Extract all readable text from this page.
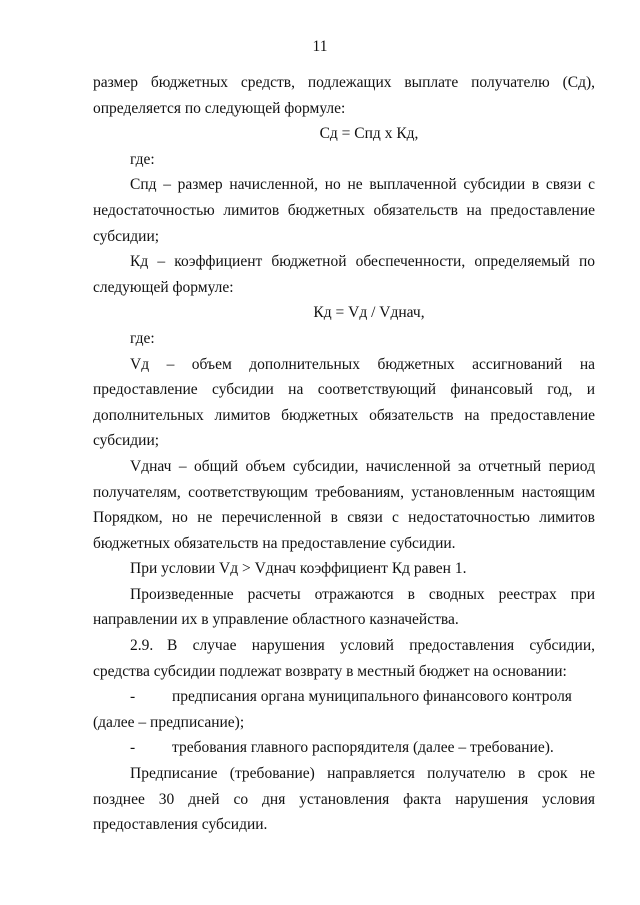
11

размер бюджетных средств, подлежащих выплате получателю (Сд), определяется по следующей формуле:

Сд = Спд x Кд,

где:

Спд – размер начисленной, но не выплаченной субсидии в связи с недостаточностью лимитов бюджетных обязательств на предоставление субсидии;

Кд – коэффициент бюджетной обеспеченности, определяемый по следующей формуле:

Кд = Vд / Vднач,

где:

Vд – объем дополнительных бюджетных ассигнований на предоставление субсидии на соответствующий финансовый год, и дополнительных лимитов бюджетных обязательств на предоставление субсидии;

Vднач – общий объем субсидии, начисленной за отчетный период получателям, соответствующим требованиям, установленным настоящим Порядком, но не перечисленной в связи с недостаточностью лимитов бюджетных обязательств на предоставление субсидии.

При условии Vд > Vднач коэффициент Кд равен 1.

Произведенные расчеты отражаются в сводных реестрах при направлении их в управление областного казначейства.

2.9. В случае нарушения условий предоставления субсидии, средства субсидии подлежат возврату в местный бюджет на основании:

-	предписания органа муниципального финансового контроля

(далее – предписание);

-	требования главного распорядителя (далее – требование).

Предписание (требование) направляется получателю в срок не позднее 30 дней со дня установления факта нарушения условия предоставления субсидии.
